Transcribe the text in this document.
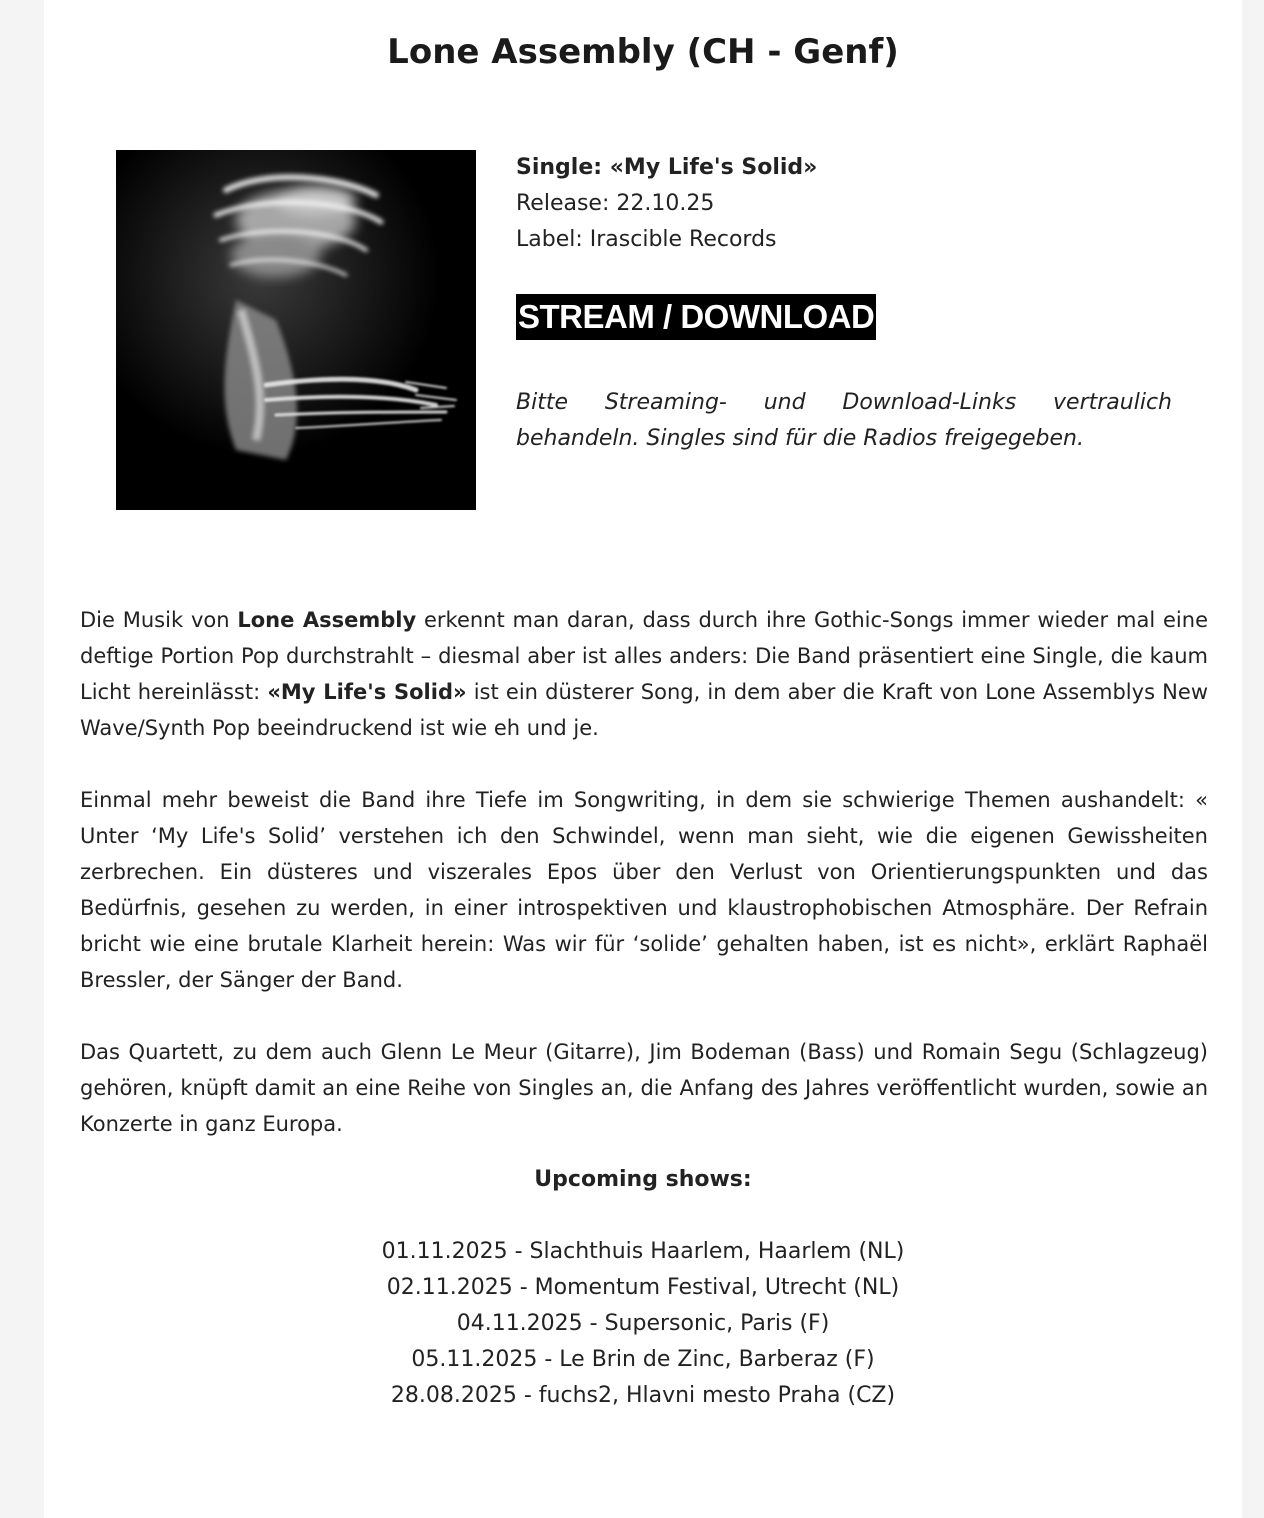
Lone Assembly (CH - Genf)
Single: «My Life's Solid»
Release: 22.10.25
Label: Irascible Records
STREAM / DOWNLOAD
Bitte Streaming- und Download-Links vertraulich behandeln. Singles sind für die Radios freigegeben.

Die Musik von Lone Assembly erkennt man daran, dass durch ihre Gothic-Songs immer wieder mal eine deftige Portion Pop durchstrahlt – diesmal aber ist alles anders: Die Band präsentiert eine Single, die kaum Licht hereinlässt: «My Life's Solid» ist ein düsterer Song, in dem aber die Kraft von Lone Assemblys New Wave/Synth Pop beeindruckend ist wie eh und je.

Einmal mehr beweist die Band ihre Tiefe im Songwriting, in dem sie schwierige Themen aushandelt: « Unter ‘My Life's Solid’ verstehen ich den Schwindel, wenn man sieht, wie die eigenen Gewissheiten zerbrechen. Ein düsteres und viszerales Epos über den Verlust von Orientierungspunkten und das Bedürfnis, gesehen zu werden, in einer introspektiven und klaustrophobischen Atmosphäre. Der Refrain bricht wie eine brutale Klarheit herein: Was wir für ‘solide’ gehalten haben, ist es nicht», erklärt Raphaël Bressler, der Sänger der Band.

Das Quartett, zu dem auch Glenn Le Meur (Gitarre), Jim Bodeman (Bass) und Romain Segu (Schlagzeug) gehören, knüpft damit an eine Reihe von Singles an, die Anfang des Jahres veröffentlicht wurden, sowie an Konzerte in ganz Europa.

Upcoming shows:
01.11.2025 - Slachthuis Haarlem, Haarlem (NL)
02.11.2025 - Momentum Festival, Utrecht (NL)
04.11.2025 - Supersonic, Paris (F)
05.11.2025 - Le Brin de Zinc, Barberaz (F)
28.08.2025 - fuchs2, Hlavni mesto Praha (CZ)
